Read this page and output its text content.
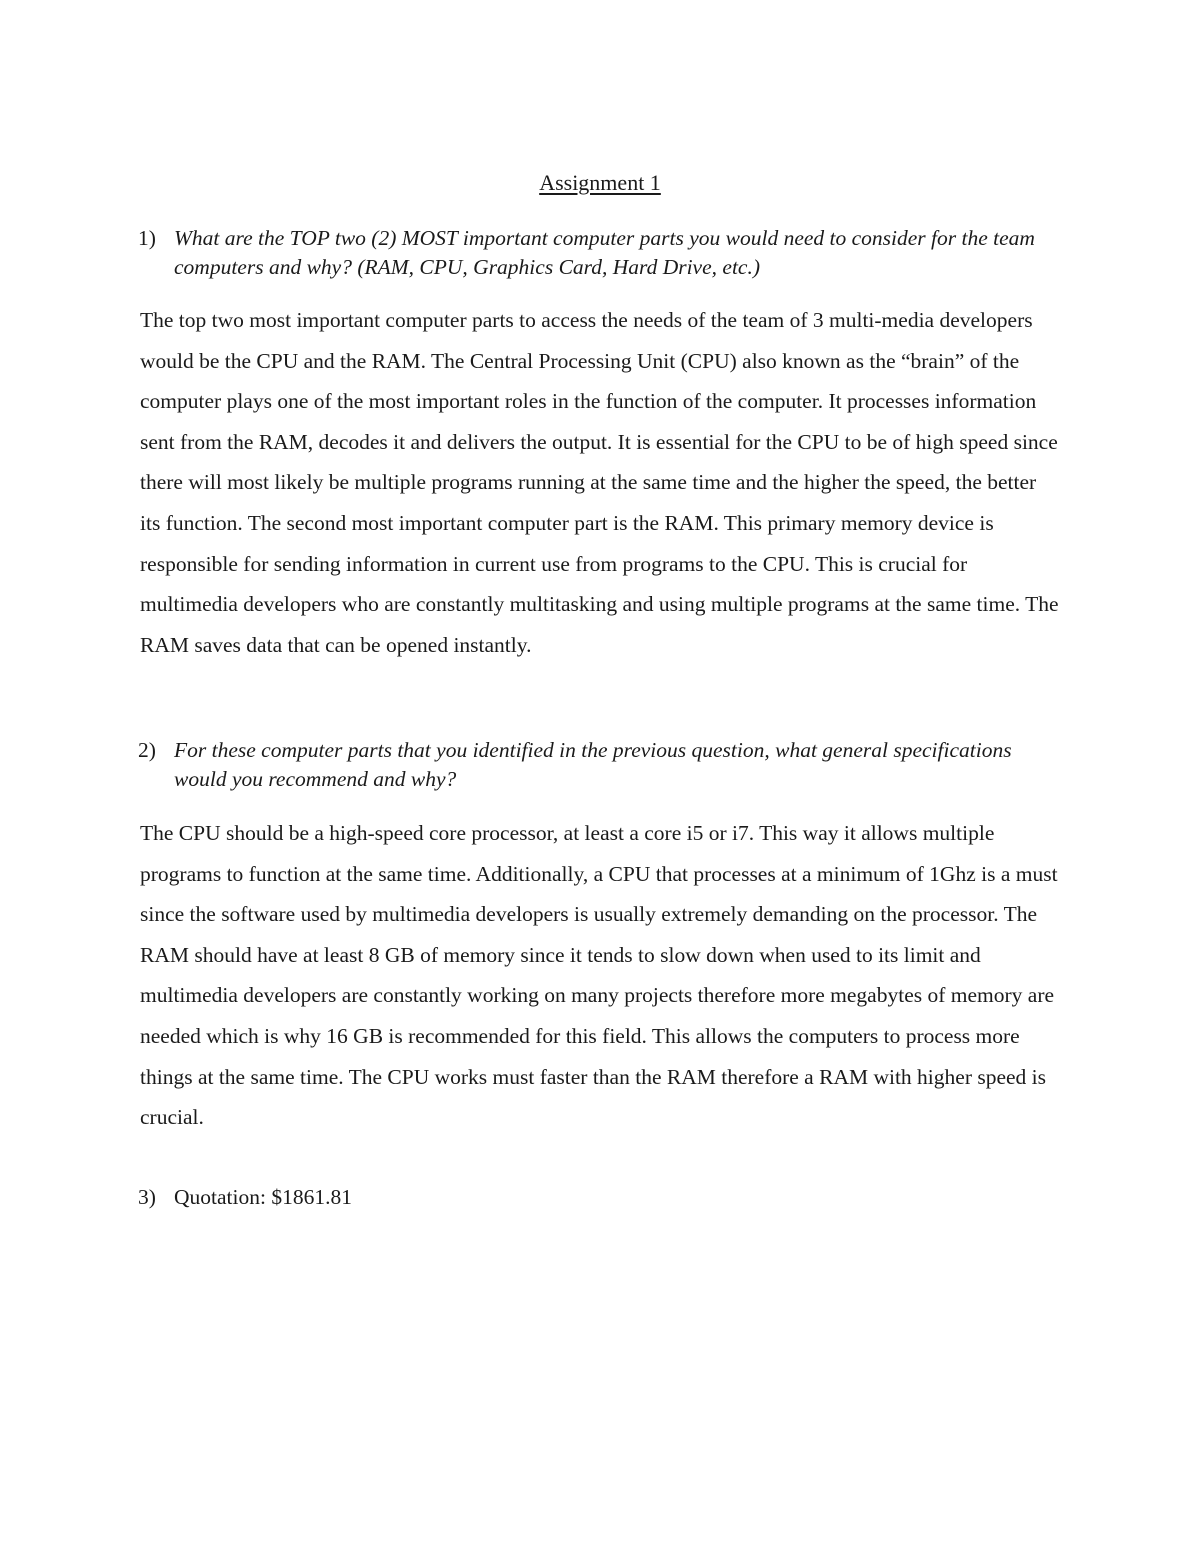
Assignment 1
1) What are the TOP two (2) MOST important computer parts you would need to consider for the team computers and why? (RAM, CPU, Graphics Card, Hard Drive, etc.)

The top two most important computer parts to access the needs of the team of 3 multi-media developers would be the CPU and the RAM. The Central Processing Unit (CPU) also known as the “brain” of the computer plays one of the most important roles in the function of the computer. It processes information sent from the RAM, decodes it and delivers the output. It is essential for the CPU to be of high speed since there will most likely be multiple programs running at the same time and the higher the speed, the better its function. The second most important computer part is the RAM. This primary memory device is responsible for sending information in current use from programs to the CPU. This is crucial for multimedia developers who are constantly multitasking and using multiple programs at the same time. The RAM saves data that can be opened instantly.

2) For these computer parts that you identified in the previous question, what general specifications would you recommend and why?

The CPU should be a high-speed core processor, at least a core i5 or i7. This way it allows multiple programs to function at the same time. Additionally, a CPU that processes at a minimum of 1Ghz is a must since the software used by multimedia developers is usually extremely demanding on the processor. The RAM should have at least 8 GB of memory since it tends to slow down when used to its limit and multimedia developers are constantly working on many projects therefore more megabytes of memory are needed which is why 16 GB is recommended for this field. This allows the computers to process more things at the same time. The CPU works must faster than the RAM therefore a RAM with higher speed is crucial.

3) Quotation: $1861.81
